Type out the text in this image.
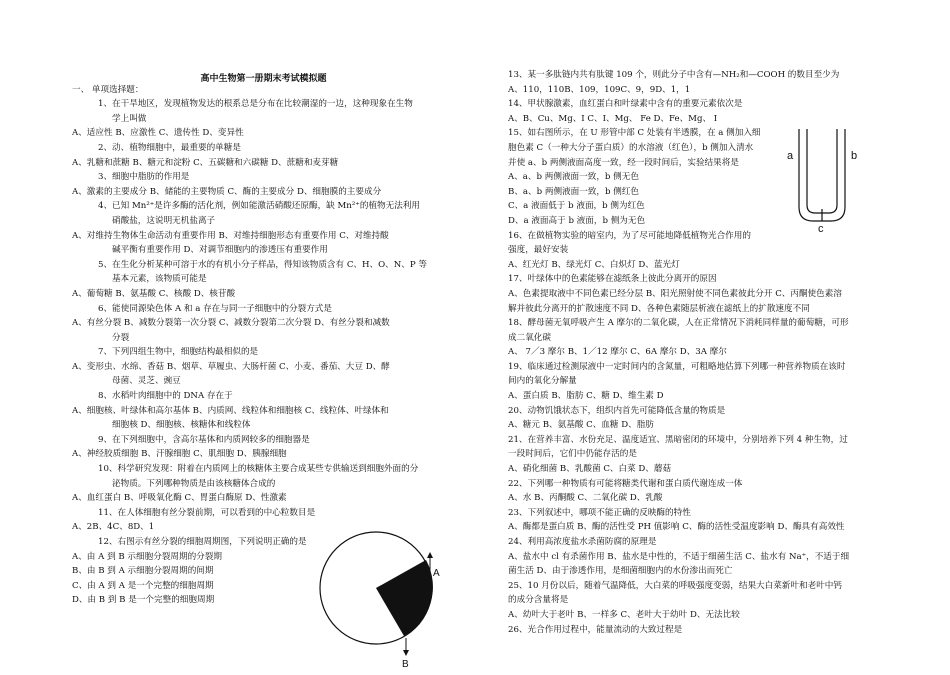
高中生物第一册期末考试模拟题
一、 单项选择题：
1、在干旱地区，发现植物发达的根系总是分布在比较潮湿的一边，这种现象在生物
学上叫做
A、适应性 B、应激性 C、遗传性 D、变异性
2、动、植物细胞中，最重要的单糖是
A、乳糖和蔗糖 B、糖元和淀粉 C、五碳糖和六碳糖 D、蔗糖和麦芽糖
3、细胞中脂肪的作用是
A、激素的主要成分 B、储能的主要物质 C、酶的主要成分 D、细胞膜的主要成分
4、已知 Mn²⁺是许多酶的活化剂，例如能激活硝酸还原酶，缺 Mn²⁺的植物无法利用
硝酸盐，这说明无机盐离子
A、对维持生物体生命活动有重要作用 B、对维持细胞形态有重要作用 C、对维持酸
碱平衡有重要作用 D、对调节细胞内的渗透压有重要作用
5、在生化分析某种可溶于水的有机小分子样品，得知该物质含有 C、H、O、N、P 等
基本元素，该物质可能是
A、葡萄糖 B、氨基酸 C、核酸 D、核苷酸
6、能使同源染色体 A 和 a 存在与同一子细胞中的分裂方式是
A、有丝分裂 B、减数分裂第一次分裂 C、减数分裂第二次分裂 D、有丝分裂和减数
分裂
7、下列四组生物中，细胞结构最相似的是
A、变形虫、水绵、香菇 B、烟草、草履虫、大肠杆菌 C、小麦、番茄、大豆 D、酵
母菌、灵芝、豌豆
8、水稻叶肉细胞中的 DNA 存在于
A、细胞核、叶绿体和高尔基体 B、内质网、线粒体和细胞核 C、线粒体、叶绿体和
细胞核 D、细胞核、核糖体和线粒体
9、在下列细胞中，含高尔基体和内质网较多的细胞器是
A、神经胶质细胞 B、汗腺细胞 C、肌细胞 D、胰腺细胞
10、科学研究发现：附着在内质网上的核糖体主要合成某些专供输送到细胞外面的分
泌物质。下列哪种物质是由该核糖体合成的
A、血红蛋白 B、呼吸氧化酶 C、胃蛋白酶原 D、性激素
11、在人体细胞有丝分裂前期，可以看到的中心粒数目是
A、2B、4C、8D、1
12、右图示有丝分裂的细胞周期图，下列说明正确的是
A、由 A 到 B 示细胞分裂周期的分裂期
B、由 B 到 A 示细胞分裂周期的间期
C、由 A 到 A 是一个完整的细胞周期
D、由 B 到 B 是一个完整的细胞周期
13、某一多肽链内共有肽键 109 个，则此分子中含有—NH₂和—COOH 的数目至少为
A、110，110B、109，109C、9，9D、1，1
14、甲状腺激素，血红蛋白和叶绿素中含有的重要元素依次是
A、B、Cu、Mg、I C、I、Mg、 Fe D、Fe、Mg、 I
15、如右图所示，在 U 形管中部 C 处装有半透膜，在 a 侧加入细
胞色素 C（一种大分子蛋白质）的水溶液（红色），b 侧加入清水
并使 a、b 两侧液面高度一致，经一段时间后，实验结果将是
A、a、b 两侧液面一致，b 侧无色
B、a、b 两侧液面一致，b 侧红色
C、a 液面低于 b 液面，b 侧为红色
D、a 液面高于 b 液面，b 侧为无色
16、在做植物实验的暗室内，为了尽可能地降低植物光合作用的
强度，最好安装
A、红光灯 B、绿光灯 C、白炽灯 D、蓝光灯
17、叶绿体中的色素能够在滤纸条上彼此分离开的原因
A、色素提取液中不同色素已经分层 B、阳光照射使不同色素彼此分开 C、丙酮使色素溶
解并彼此分离开的扩散速度不同 D、各种色素随层析液在滤纸上的扩散速度不同
18、酵母菌无氧呼吸产生 A 摩尔的二氧化碳，人在正常情况下消耗同样量的葡萄糖，可形
成二氧化碳
A、 7／3 摩尔 B、1／12 摩尔 C、6A 摩尔 D、3A 摩尔
19、临床通过检测尿液中一定时间内的含氮量，可粗略地估算下列哪一种营养物质在该时
间内的氧化分解量
A、蛋白质 B、脂肪 C、糖 D、维生素 D
20、动物饥饿状态下，组织内首先可能降低含量的物质是
A、糖元 B、氨基酸 C、血糖 D、脂肪
21、在营养丰富、水份充足、温度适宜、黑暗密闭的环境中，分别培养下列 4 种生物，过
一段时间后，它们中仍能存活的是
A、硝化细菌 B、乳酸菌 C、白菜 D、蘑菇
22、下列哪一种物质有可能将糖类代谢和蛋白质代谢连成一体
A、水 B、丙酮酸 C、二氧化碳 D、乳酸
23、下列叙述中，哪项不能正确的反映酶的特性
A、酶都是蛋白质 B、酶的活性受 PH 值影响 C、酶的活性受温度影响 D、酶具有高效性
24、利用高浓度盐水杀菌防腐的原理是
A、盐水中 cl 有杀菌作用 B、盐水是中性的，不适于细菌生活 C、盐水有 Na⁺，不适于细
菌生活 D、由于渗透作用，是细菌细胞内的水份渗出而死亡
25、10 月份以后，随着气温降低，大白菜的呼吸强度变弱，结果大白菜新叶和老叶中钙
的成分含量将是
A、幼叶大于老叶 B、一样多 C、老叶大于幼叶 D、无法比较
26、光合作用过程中，能量流动的大致过程是
A
B
a	b
c
